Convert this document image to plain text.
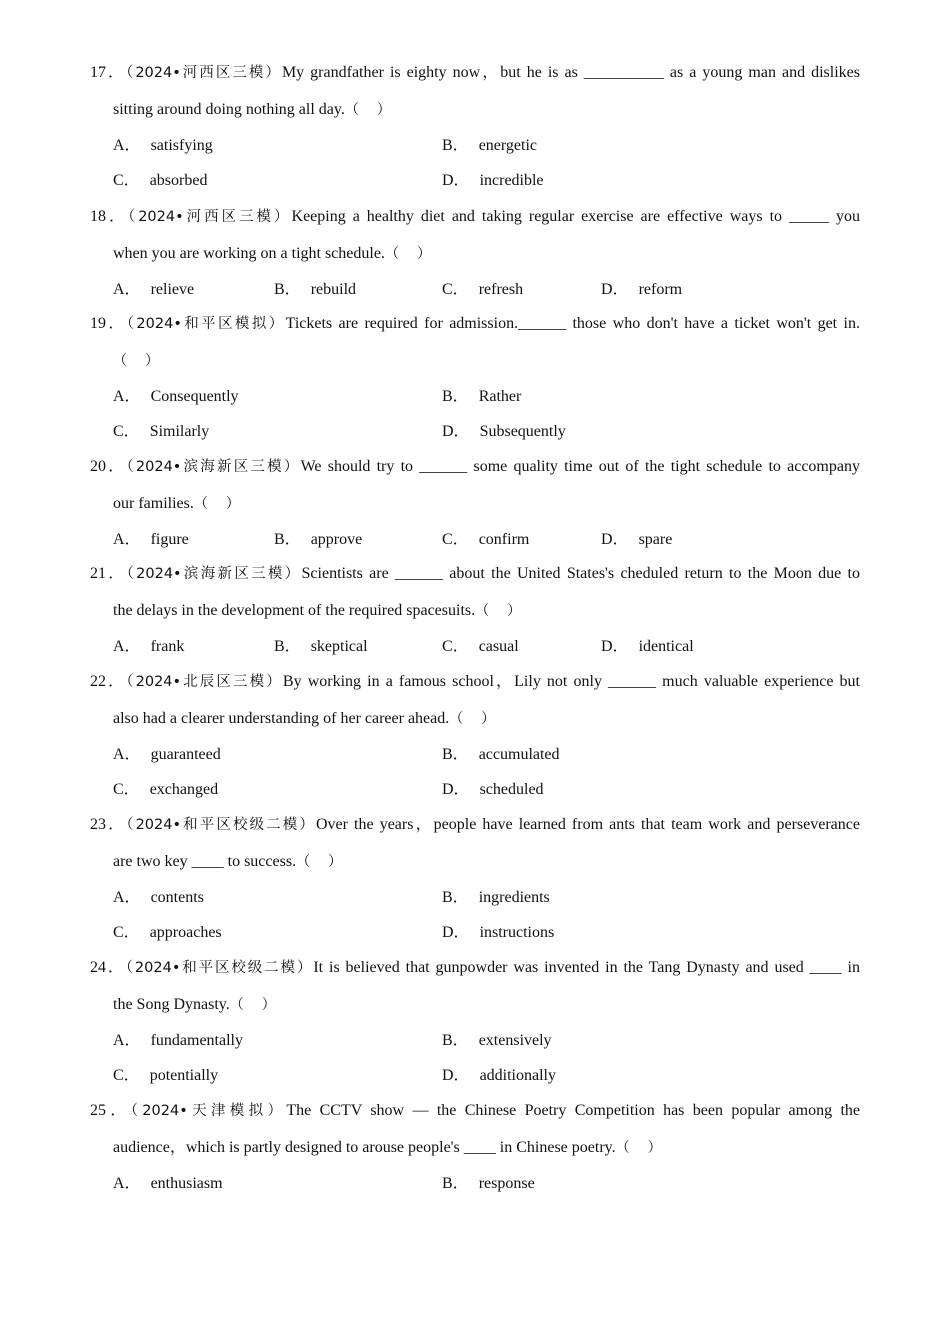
17．（2024•河西区三模）My grandfather is eighty now，but he is as __________ as a young man and dislikes
sitting around doing nothing all day.（ ）
A． satisfying	B． energetic
C． absorbed	D． incredible
18．（2024•河西区三模）Keeping a healthy diet and taking regular exercise are effective ways to _____ you
when you are working on a tight schedule.（ ）
A． relieve	B． rebuild	C． refresh	D． reform
19．（2024•和平区模拟）Tickets are required for admission.______ those who don't have a ticket won't get in.
（ ）
A． Consequently	B． Rather
C． Similarly	D． Subsequently
20．（2024•滨海新区三模）We should try to ______ some quality time out of the tight schedule to accompany
our families.（ ）
A． figure	B． approve	C． confirm	D． spare
21．（2024•滨海新区三模）Scientists are ______ about the United States's cheduled return to the Moon due to
the delays in the development of the required spacesuits.（ ）
A． frank	B． skeptical	C． casual	D． identical
22．（2024•北辰区三模）By working in a famous school，Lily not only ______ much valuable experience but
also had a clearer understanding of her career ahead.（ ）
A． guaranteed	B． accumulated
C． exchanged	D． scheduled
23．（2024•和平区校级二模）Over the years，people have learned from ants that team work and perseverance
are two key ____ to success.（ ）
A． contents	B． ingredients
C． approaches	D． instructions
24．（2024•和平区校级二模）It is believed that gunpowder was invented in the Tang Dynasty and used ____ in
the Song Dynasty.（ ）
A． fundamentally	B． extensively
C． potentially	D． additionally
25．（2024•天津模拟）The CCTV show — the Chinese Poetry Competition has been popular among the
audience，which is partly designed to arouse people's ____ in Chinese poetry.（ ）
A． enthusiasm	B． response
